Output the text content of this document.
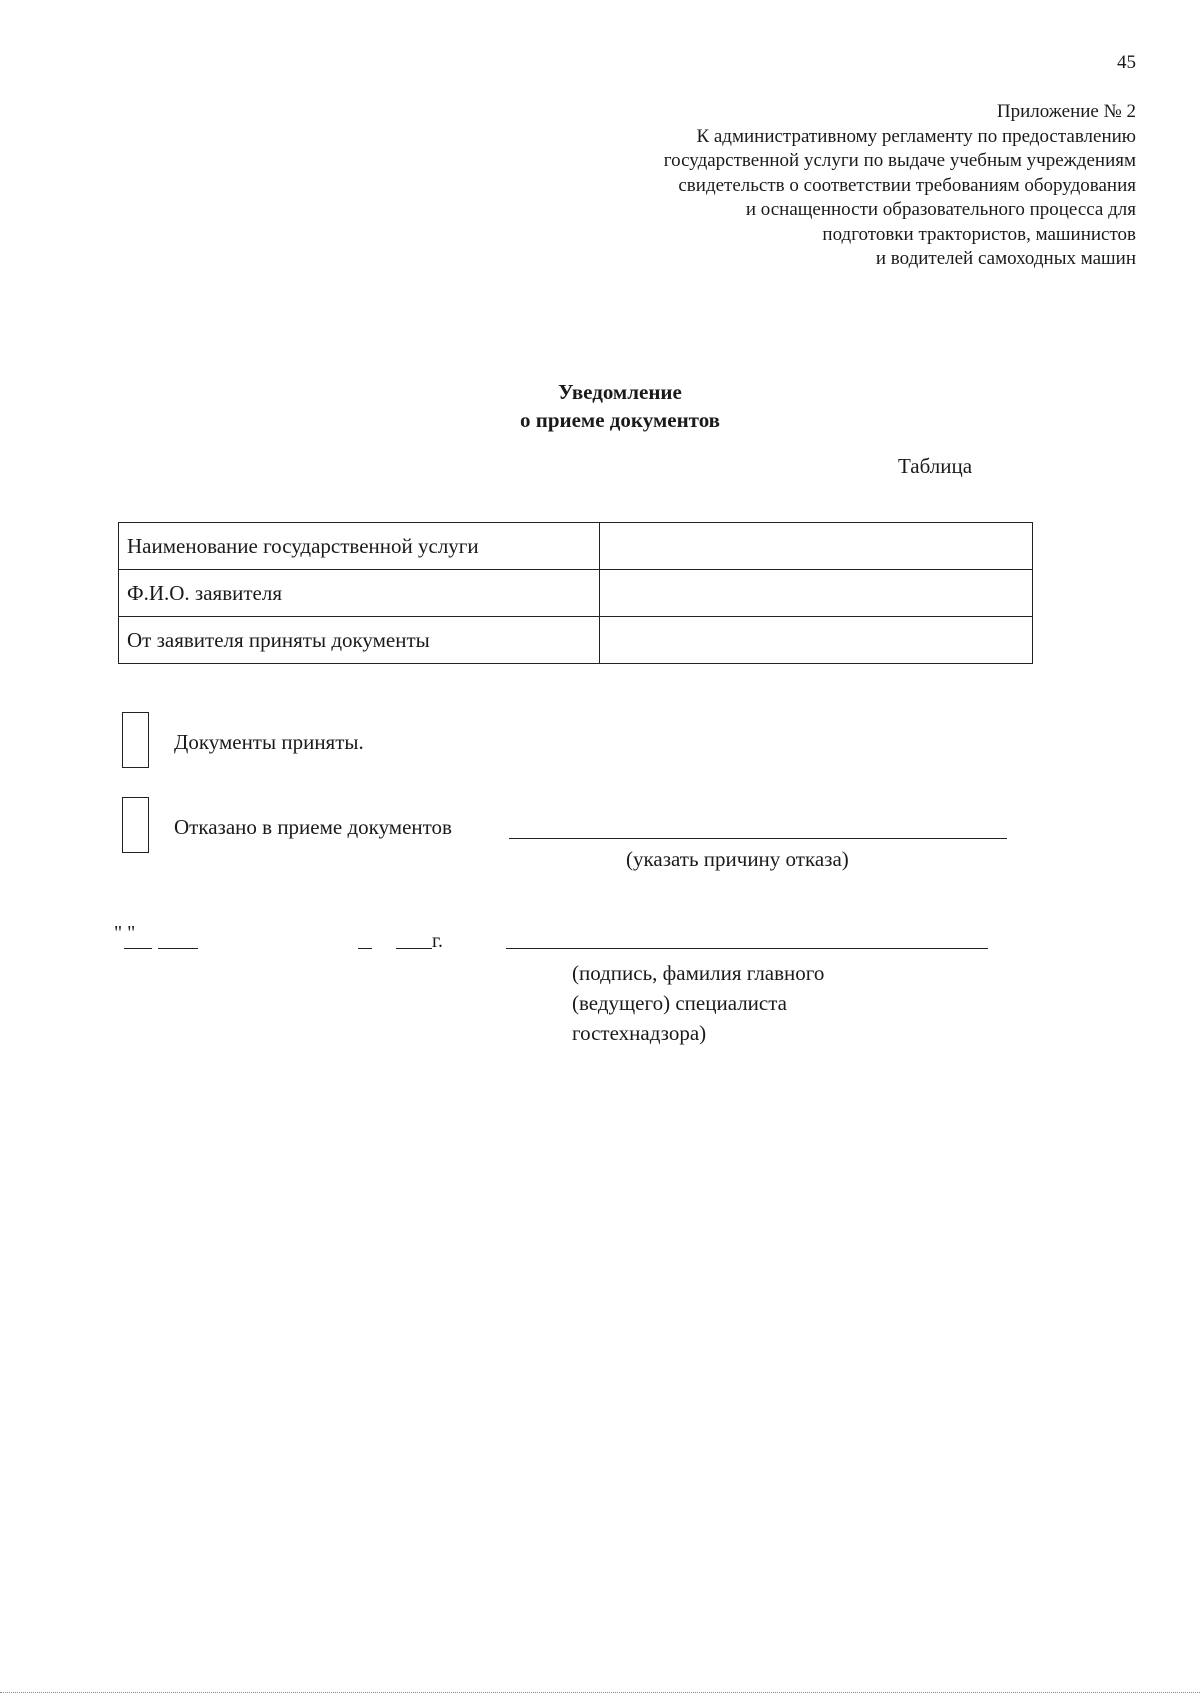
45
Приложение № 2
К административному регламенту по предоставлению
государственной услуги по выдаче учебным учреждениям
свидетельств о соответствии требованиям оборудования
и оснащенности образовательного процесса для
подготовки трактористов, машинистов
и водителей самоходных машин
Уведомление
о приеме документов
Таблица
Наименование государственной услуги	
Ф.И.О. заявителя	
От заявителя приняты документы	
Документы приняты.
Отказано в приеме документов
(указать причину отказа)
" "	г.
(подпись, фамилия главного
(ведущего) специалиста
гостехнадзора)
